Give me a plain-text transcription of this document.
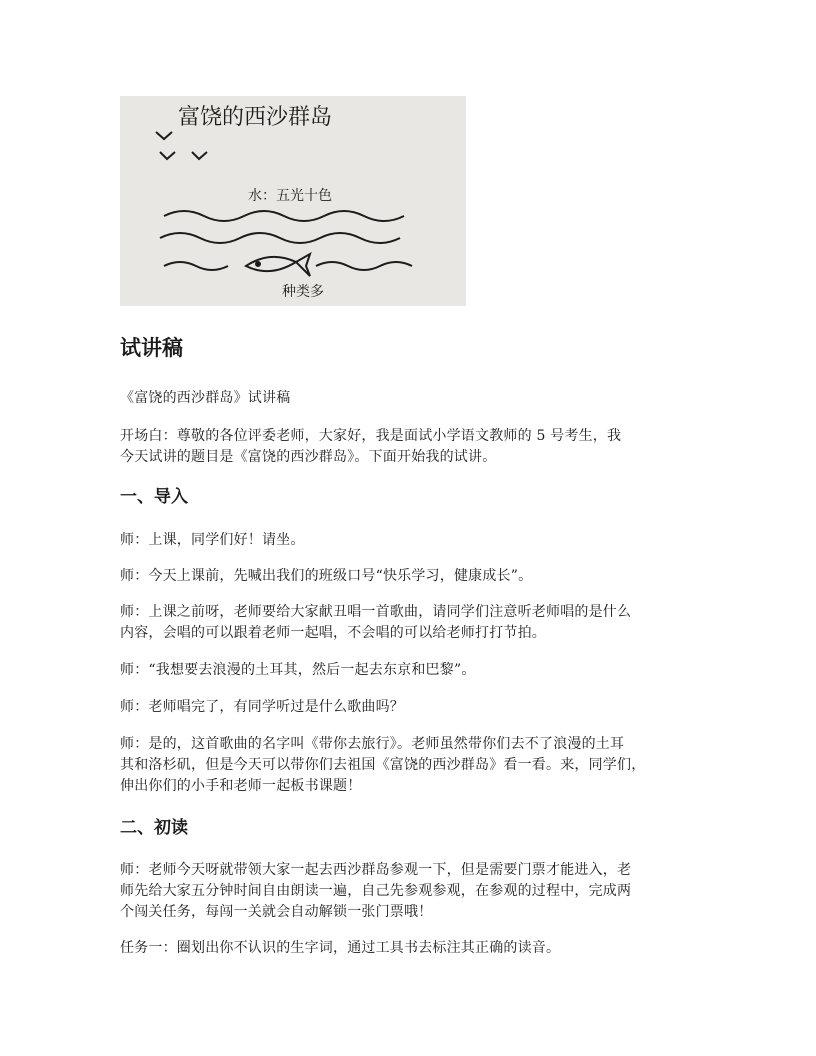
富饶的西沙群岛
水：五光十色
种类多
试讲稿

《富饶的西沙群岛》试讲稿

开场白：尊敬的各位评委老师，大家好，我是面试小学语文教师的 5 号考生，我

今天试讲的题目是《富饶的西沙群岛》。下面开始我的试讲。

一、导入

师：上课，同学们好！请坐。

师：今天上课前，先喊出我们的班级口号“快乐学习，健康成长”。

师：上课之前呀，老师要给大家献丑唱一首歌曲，请同学们注意听老师唱的是什么

内容，会唱的可以跟着老师一起唱，不会唱的可以给老师打打节拍。

师：“我想要去浪漫的土耳其，然后一起去东京和巴黎”。

师：老师唱完了，有同学听过是什么歌曲吗？

师：是的，这首歌曲的名字叫《带你去旅行》。老师虽然带你们去不了浪漫的土耳

其和洛杉矶，但是今天可以带你们去祖国《富饶的西沙群岛》看一看。来，同学们，

伸出你们的小手和老师一起板书课题！

二、初读

师：老师今天呀就带领大家一起去西沙群岛参观一下，但是需要门票才能进入，老

师先给大家五分钟时间自由朗读一遍，自己先参观参观，在参观的过程中，完成两

个闯关任务，每闯一关就会自动解锁一张门票哦！

任务一：圈划出你不认识的生字词，通过工具书去标注其正确的读音。
